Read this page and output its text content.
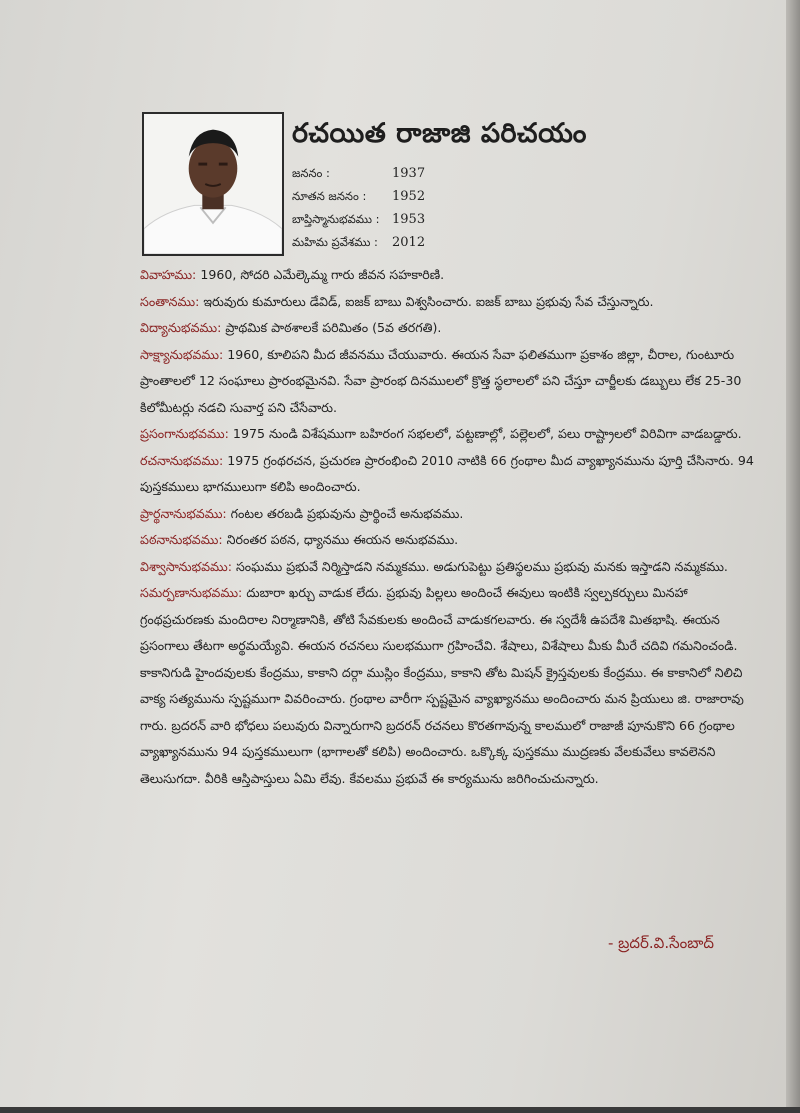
రచయిత రాజాజి పరిచయం
జననం :	1937
నూతన జననం : 1952
బాప్తిస్మానుభవము : 1953
మహిమ ప్రవేశము : 2012

వివాహము: 1960, సోదరి ఎమేల్కెమ్మ గారు జీవన సహకారిణి.

సంతానము: ఇరువురు కుమారులు డేవిడ్, ఐజక్ బాబు విశ్వసించారు. ఐజక్ బాబు ప్రభువు సేవ చేస్తున్నారు.

విద్యానుభవము: ప్రాథమిక పాఠశాలకే పరిమితం (5వ తరగతి).

సాక్ష్యానుభవము: 1960, కూలిపని మీద జీవనము చేయువారు. ఈయన సేవా ఫలితముగా ప్రకాశం జిల్లా, చీరాల, గుంటూరు ప్రాంతాలలో 12 సంఘాలు ప్రారంభమైనవి. సేవా ప్రారంభ దినములలో క్రొత్త స్థలాలలో పని చేస్తూ చార్జీలకు డబ్బులు లేక 25-30 కిలోమీటర్లు నడచి సువార్త పని చేసేవారు.

ప్రసంగానుభవము: 1975 నుండి విశేషముగా బహిరంగ సభలలో, పట్టణాల్లో, పల్లెలలో, పలు రాష్ట్రాలలో విరివిగా వాడబడ్డారు.

రచనానుభవము: 1975 గ్రంథరచన, ప్రచురణ ప్రారంభించి 2010 నాటికి 66 గ్రంథాల మీద వ్యాఖ్యానమును పూర్తి చేసినారు. 94 పుస్తకములు భాగములుగా కలిపి అందించారు.

ప్రార్థనానుభవము: గంటల తరబడి ప్రభువును ప్రార్థించే అనుభవము.

పఠనానుభవము: నిరంతర పఠన, ధ్యానము ఈయన అనుభవము.

విశ్వాసానుభవము: సంఘము ప్రభువే నిర్మిస్తాడని నమ్మకము. అడుగుపెట్టు ప్రతిస్థలము ప్రభువు మనకు ఇస్తాడని నమ్మకము.

సమర్పణానుభవము: దుబారా ఖర్చు వాడుక లేదు. ప్రభువు పిల్లలు అందించే ఈవులు ఇంటికి స్వల్పకర్చులు మినహా గ్రంథప్రచురణకు మందిరాల నిర్మాణానికి, తోటి సేవకులకు అందించే వాడుకగలవారు. ఈ స్వదేశీ ఉపదేశి మితభాషి. ఈయన ప్రసంగాలు తేటగా అర్థమయ్యేవి. ఈయన రచనలు సులభముగా గ్రహించేవి. శేషాలు, విశేషాలు మీకు మీరే చదివి గమనించండి. కాకానిగుడి హైందవులకు కేంద్రము, కాకాని దర్గా ముస్లిం కేంద్రము, కాకాని తోట మిషన్ క్రైస్తవులకు కేంద్రము. ఈ కాకానిలో నిలిచి వాక్య సత్యమును స్పష్టముగా వివరించారు. గ్రంథాల వారీగా స్పష్టమైన వ్యాఖ్యానము అందించారు మన ప్రియులు జి. రాజారావు గారు. బ్రదరన్ వారి భోధలు పలువురు విన్నారుగాని బ్రదరన్ రచనలు కొరతగావున్న కాలములో రాజాజీ పూనుకొని 66 గ్రంథాల వ్యాఖ్యానమును 94 పుస్తకములుగా (భాగాలతో కలిపి) అందించారు. ఒక్కొక్క పుస్తకము ముద్రణకు వేలకువేలు కావలెనని తెలుసుగదా. వీరికి ఆస్తిపాస్తులు ఏమి లేవు. కేవలము ప్రభువే ఈ కార్యమును జరిగించుచున్నారు.

- బ్రదర్.వి.సేంబాద్
